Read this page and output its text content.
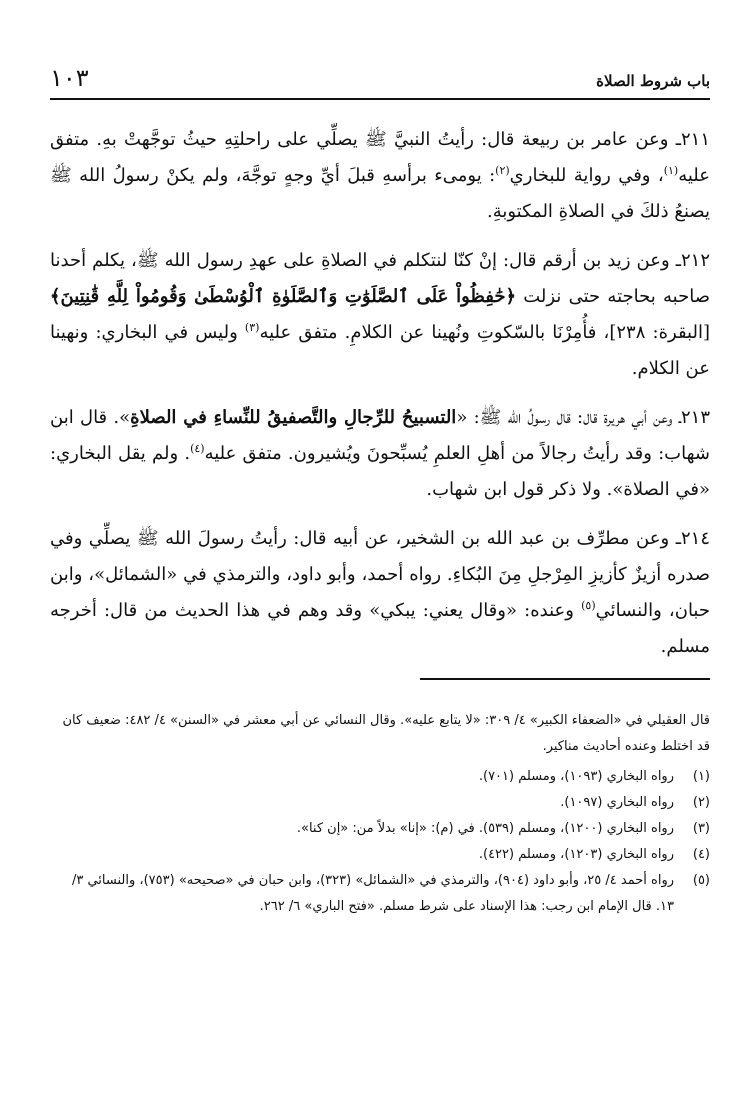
باب شروط الصلاة
١٠٣

٢١١ـ وعن عامر بن ربيعة قال: رأيتُ النبيَّ ﷺ يصلِّي على راحلتِهِ حيثُ توجَّهتْ بهِ. متفق عليه$^{(١)}$، وفي رواية للبخاري$^{(٢)}$: يومىء برأسهِ قبلَ أيِّ وجهٍ توجَّهَ، ولم يكنْ رسولُ الله ﷺ يصنعُ ذلكَ في الصلاةِ المكتوبةِ.

٢١٢ـ وعن زيد بن أرقم قال: إنْ كنّا لنتكلم في الصلاةِ على عهدِ رسول الله ﷺ، يكلم أحدنا صاحبه بحاجته حتى نزلت ﴿حَٰفِظُواْ عَلَى ٱلصَّلَوَٰتِ وَٱلصَّلَوٰةِ ٱلْوُسْطَىٰ وَقُومُواْ لِلَّهِ قَٰنِتِينَ﴾ [البقرة: ٢٣٨]، فأُمِرْنَا بالسّكوتِ ونُهينا عن الكلامِ. متفق عليه$^{(٣)}$ وليس في البخاري: ونهينا عن الكلام.

٢١٣ـ وعن أبي هريرة قال: قال رسولُ الله ﷺ: «التسبيحُ للرِّجالِ والتَّصفيقُ للنِّساءِ في الصلاةِ». قال ابن شهاب: وقد رأيتُ رجالاً من أهلِ العلمِ يُسبِّحونَ ويُشيرون. متفق عليه$^{(٤)}$. ولم يقل البخاري: «في الصلاة». ولا ذكر قول ابن شهاب.

٢١٤ـ وعن مطرِّف بن عبد الله بن الشخير، عن أبيه قال: رأيتُ رسولَ الله ﷺ يصلِّي وفي صدره أزيزٌ كأزيزِ المِرْجلِ مِنَ البُكاءِ. رواه أحمد، وأبو داود، والترمذي في «الشمائل»، وابن حبان، والنسائي$^{(٥)}$ وعنده: «وقال يعني: يبكي» وقد وهم في هذا الحديث من قال: أخرجه مسلم.

قال العقيلي في «الضعفاء الكبير» ٤/ ٣٠٩: «لا يتابع عليه». وقال النسائي عن أبي معشر في «السنن» ٤/ ٤٨٢: ضعيف كان قد اختلط وعنده أحاديث مناكير.

(١)
رواه البخاري (١٠٩٣)، ومسلم (٧٠١).
(٢)
رواه البخاري (١٠٩٧).
(٣)
رواه البخاري (١٢٠٠)، ومسلم (٥٣٩). في (م): «إنا» بدلاً من: «إن كنا».
(٤)
رواه البخاري (١٢٠٣)، ومسلم (٤٢٢).
(٥)
رواه أحمد ٤/ ٢٥، وأبو داود (٩٠٤)، والترمذي في «الشمائل» (٣٢٣)، وابن حبان في «صحيحه» (٧٥٣)، والنسائي ٣/ ١٣. قال الإمام ابن رجب: هذا الإسناد على شرط مسلم. «فتح الباري» ٦/ ٢٦٢.
